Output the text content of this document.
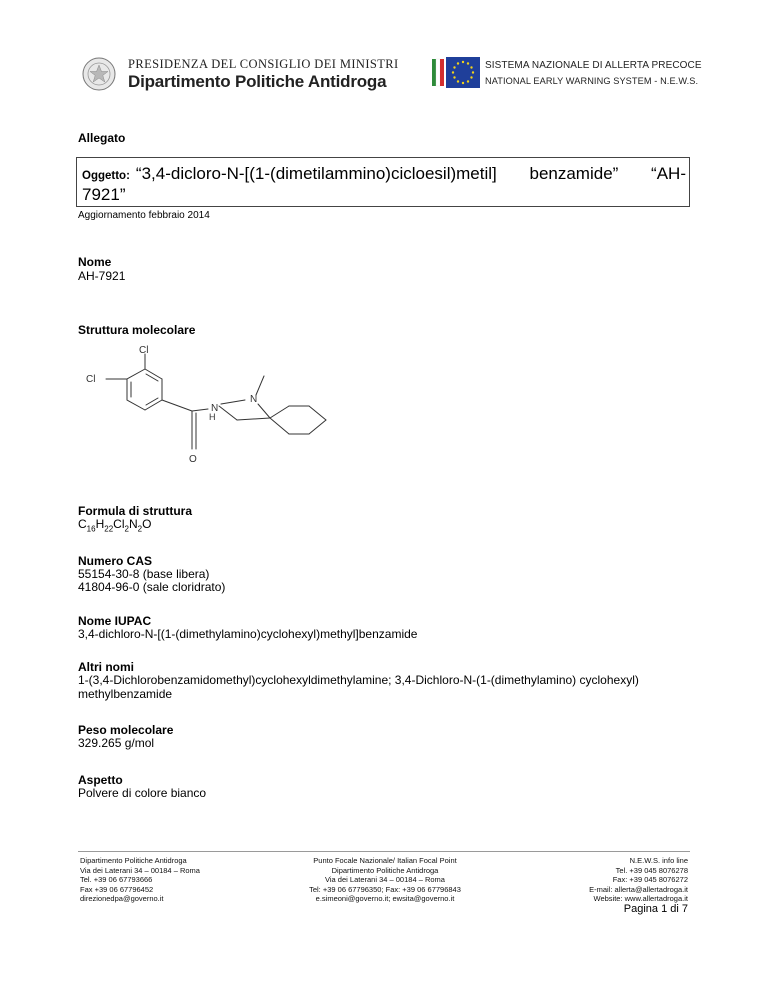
PRESIDENZA DEL CONSIGLIO DEI MINISTRI
Dipartimento Politiche Antidroga
SISTEMA NAZIONALE DI ALLERTA PRECOCE
NATIONAL EARLY WARNING SYSTEM - N.E.W.S.
Allegato
Oggetto: “3,4-dicloro-N-[(1-(dimetilammino)cicloesil)metil] benzamide” “AH-
7921”
Aggiornamento febbraio 2014
Nome
AH-7921
Struttura molecolare
Cl
Cl
N
N
H
O
Formula di struttura
$C_{16}H_{22}Cl_2N_2O$
Numero CAS
55154-30-8 (base libera)
41804-96-0 (sale cloridrato)
Nome IUPAC
3,4-dichloro-N-[(1-(dimethylamino)cyclohexyl)methyl]benzamide
Altri nomi
1-(3,4-Dichlorobenzamidomethyl)cyclohexyldimethylamine; 3,4-Dichloro-N-(1-(dimethylamino) cyclohexyl)
methylbenzamide
Peso molecolare
329.265 g/mol
Aspetto
Polvere di colore bianco
Dipartimento Politiche Antidroga
Via dei Laterani 34 – 00184 – Roma
Tel. +39 06 67793666
Fax +39 06 67796452
direzionedpa@governo.it
Punto Focale Nazionale/ Italian Focal Point
Dipartimento Politiche Antidroga
Via dei Laterani 34 – 00184 – Roma
Tel: +39 06 67796350; Fax: +39 06 67796843
e.simeoni@governo.it; ewsita@governo.it
N.E.W.S. info line
Tel. +39 045 8076278
Fax: +39 045 8076272
E-mail: allerta@allertadroga.it
Website: www.allertadroga.it
Pagina 1 di 7
